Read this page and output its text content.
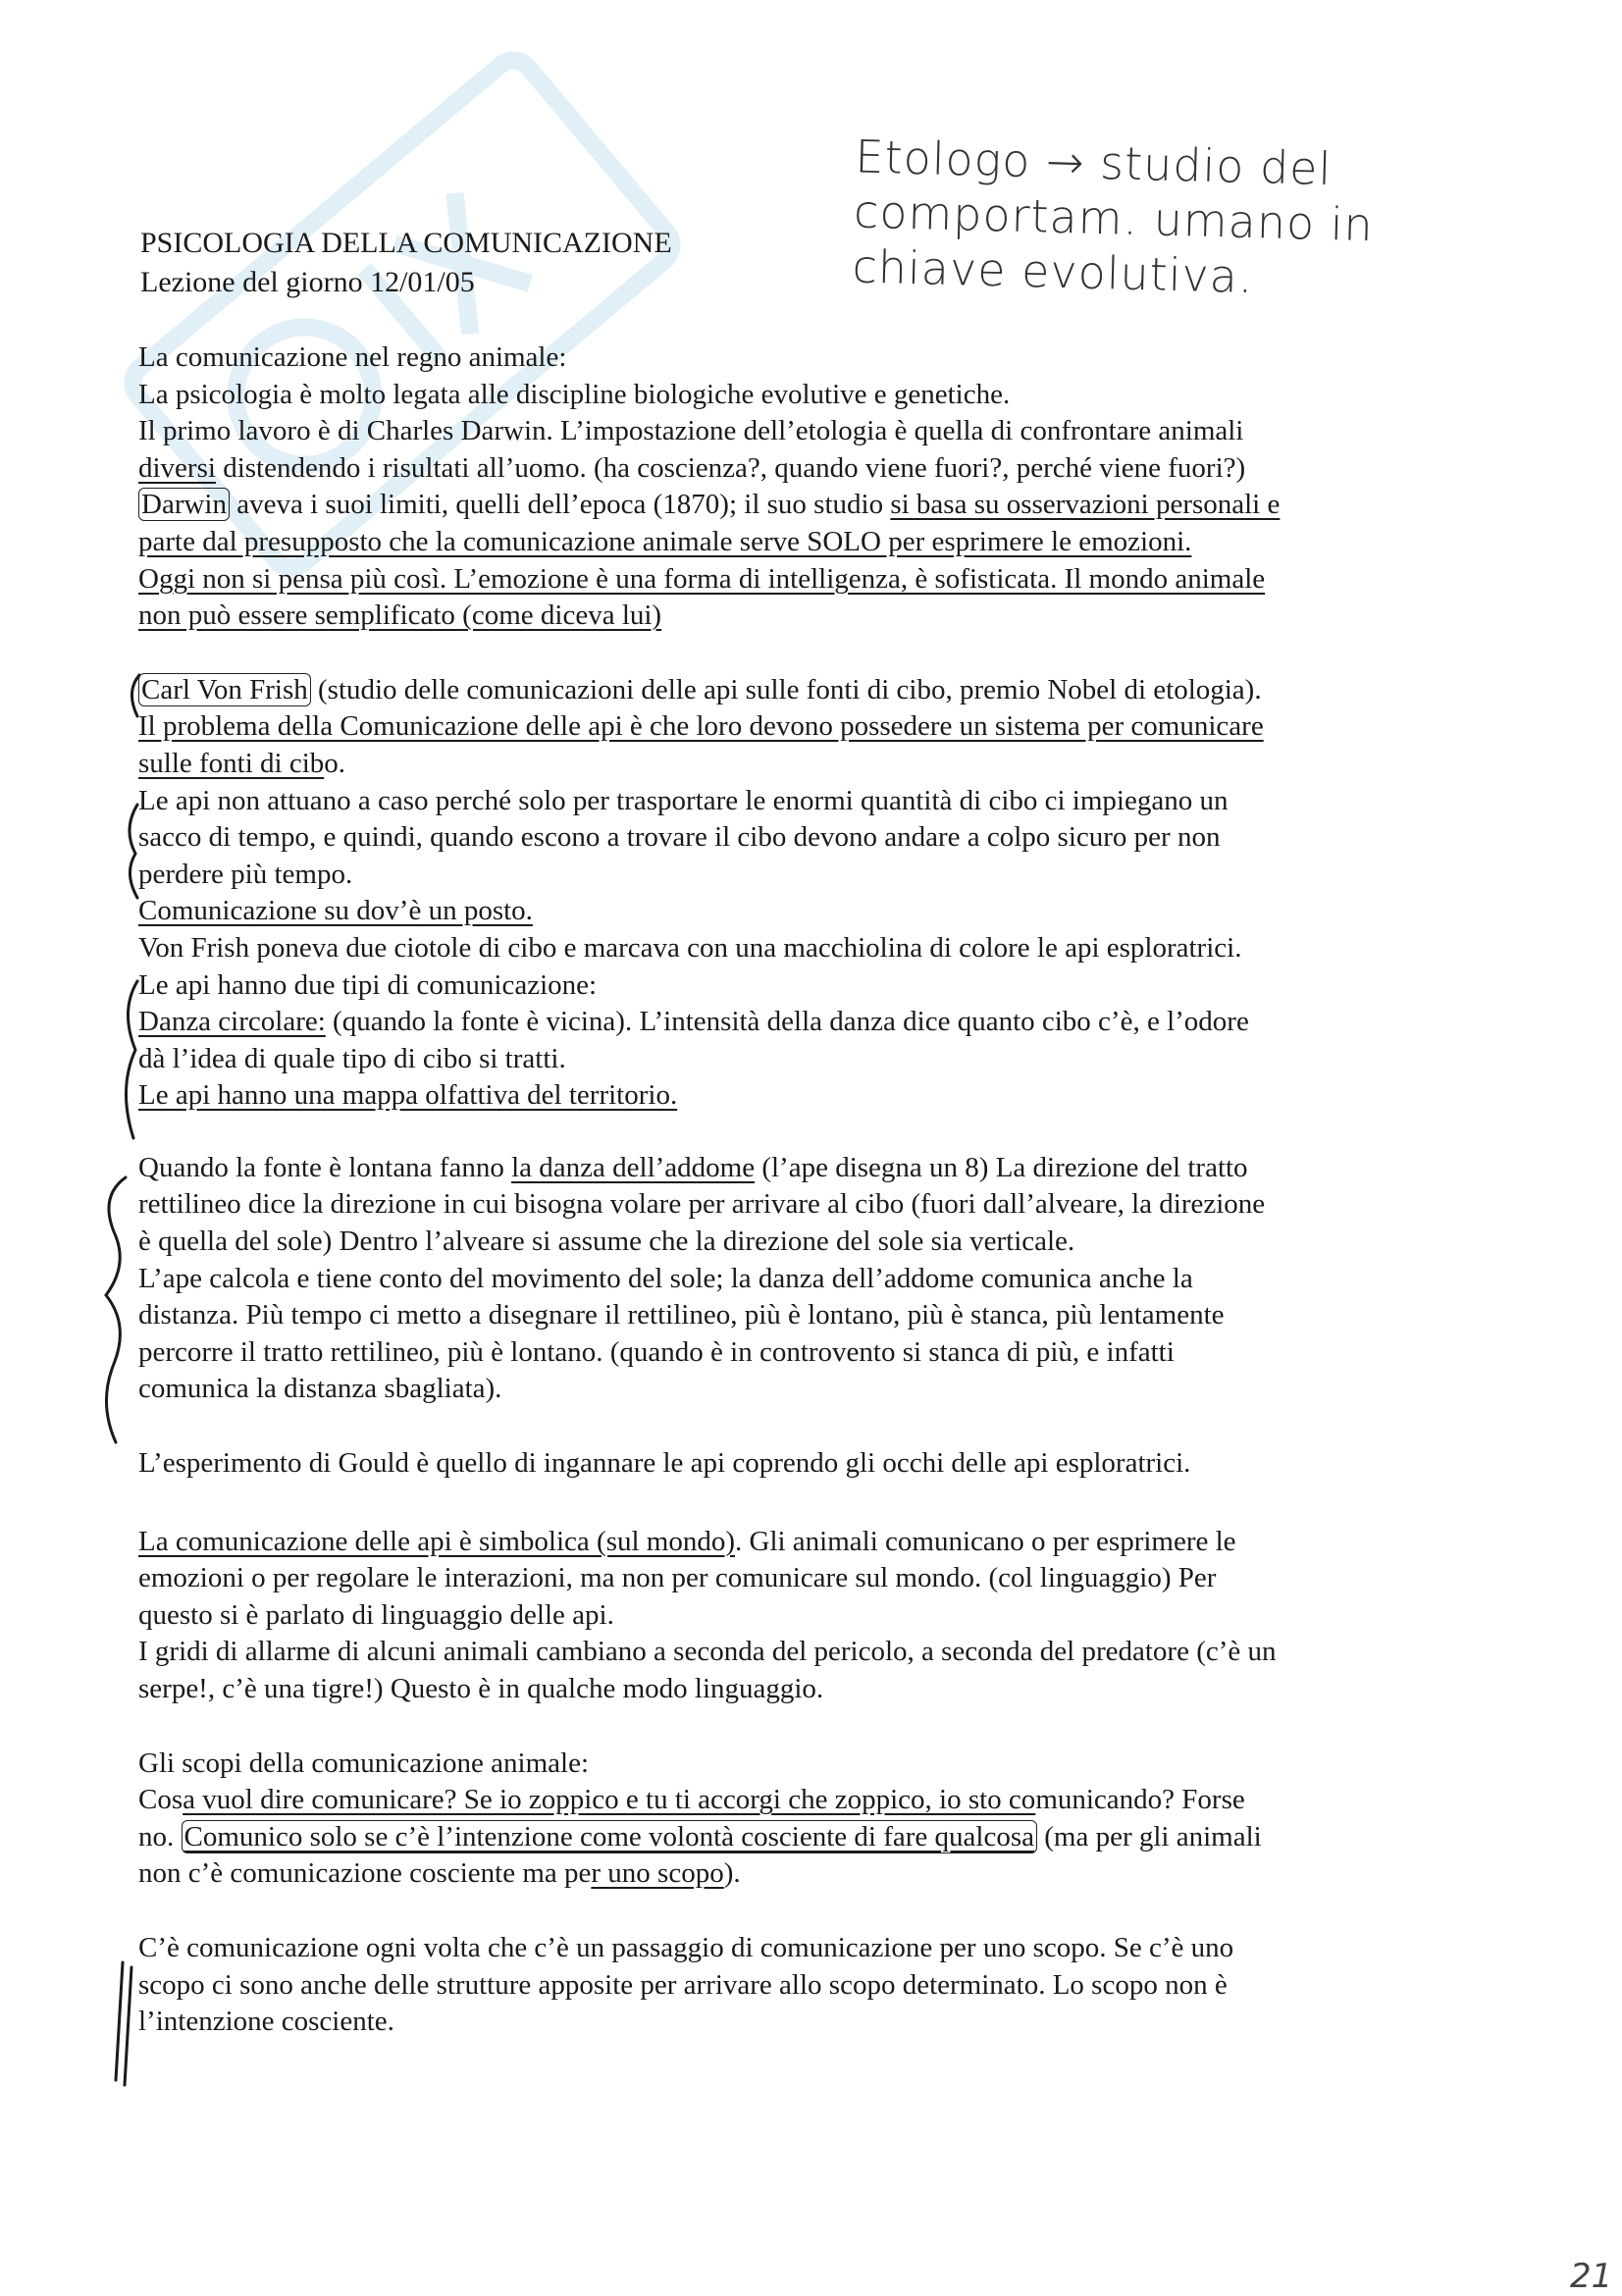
PSICOLOGIA DELLA COMUNICAZIONE
Lezione del giorno 12/01/05
Etologo → studio del
comportam. umano in
chiave evolutiva.

La comunicazione nel regno animale:

La psicologia è molto legata alle discipline biologiche evolutive e genetiche.

Il primo lavoro è di Charles Darwin. L’impostazione dell’etologia è quella di confrontare animali

diversi distendendo i risultati all’uomo. (ha coscienza?, quando viene fuori?, perché viene fuori?)

Darwin aveva i suoi limiti, quelli dell’epoca (1870); il suo studio si basa su osservazioni personali e

parte dal presupposto che la comunicazione animale serve SOLO per esprimere le emozioni.

Oggi non si pensa più così. L’emozione è una forma di intelligenza, è sofisticata. Il mondo animale

non può essere semplificato (come diceva lui)

Carl Von Frish (studio delle comunicazioni delle api sulle fonti di cibo, premio Nobel di etologia).

Il problema della Comunicazione delle api è che loro devono possedere un sistema per comunicare

sulle fonti di cibo.

Le api non attuano a caso perché solo per trasportare le enormi quantità di cibo ci impiegano un

sacco di tempo, e quindi, quando escono a trovare il cibo devono andare a colpo sicuro per non

perdere più tempo.

Comunicazione su dov’è un posto.

Von Frish poneva due ciotole di cibo e marcava con una macchiolina di colore le api esploratrici.

Le api hanno due tipi di comunicazione:

Danza circolare: (quando la fonte è vicina). L’intensità della danza dice quanto cibo c’è, e l’odore

dà l’idea di quale tipo di cibo si tratti.

Le api hanno una mappa olfattiva del territorio.

Quando la fonte è lontana fanno la danza dell’addome (l’ape disegna un 8) La direzione del tratto

rettilineo dice la direzione in cui bisogna volare per arrivare al cibo (fuori dall’alveare, la direzione

è quella del sole) Dentro l’alveare si assume che la direzione del sole sia verticale.

L’ape calcola e tiene conto del movimento del sole; la danza dell’addome comunica anche la

distanza. Più tempo ci metto a disegnare il rettilineo, più è lontano, più è stanca, più lentamente

percorre il tratto rettilineo, più è lontano. (quando è in controvento si stanca di più, e infatti

comunica la distanza sbagliata).

L’esperimento di Gould è quello di ingannare le api coprendo gli occhi delle api esploratrici.

La comunicazione delle api è simbolica (sul mondo). Gli animali comunicano o per esprimere le

emozioni o per regolare le interazioni, ma non per comunicare sul mondo. (col linguaggio) Per

questo si è parlato di linguaggio delle api.

I gridi di allarme di alcuni animali cambiano a seconda del pericolo, a seconda del predatore (c’è un

serpe!, c’è una tigre!) Questo è in qualche modo linguaggio.

Gli scopi della comunicazione animale:

Cosa vuol dire comunicare? Se io zoppico e tu ti accorgi che zoppico, io sto comunicando? Forse

no. Comunico solo se c’è l’intenzione come volontà cosciente di fare qualcosa (ma per gli animali

non c’è comunicazione cosciente ma per uno scopo).

C’è comunicazione ogni volta che c’è un passaggio di comunicazione per uno scopo. Se c’è uno

scopo ci sono anche delle strutture apposite per arrivare allo scopo determinato. Lo scopo non è

l’intenzione cosciente.

21
